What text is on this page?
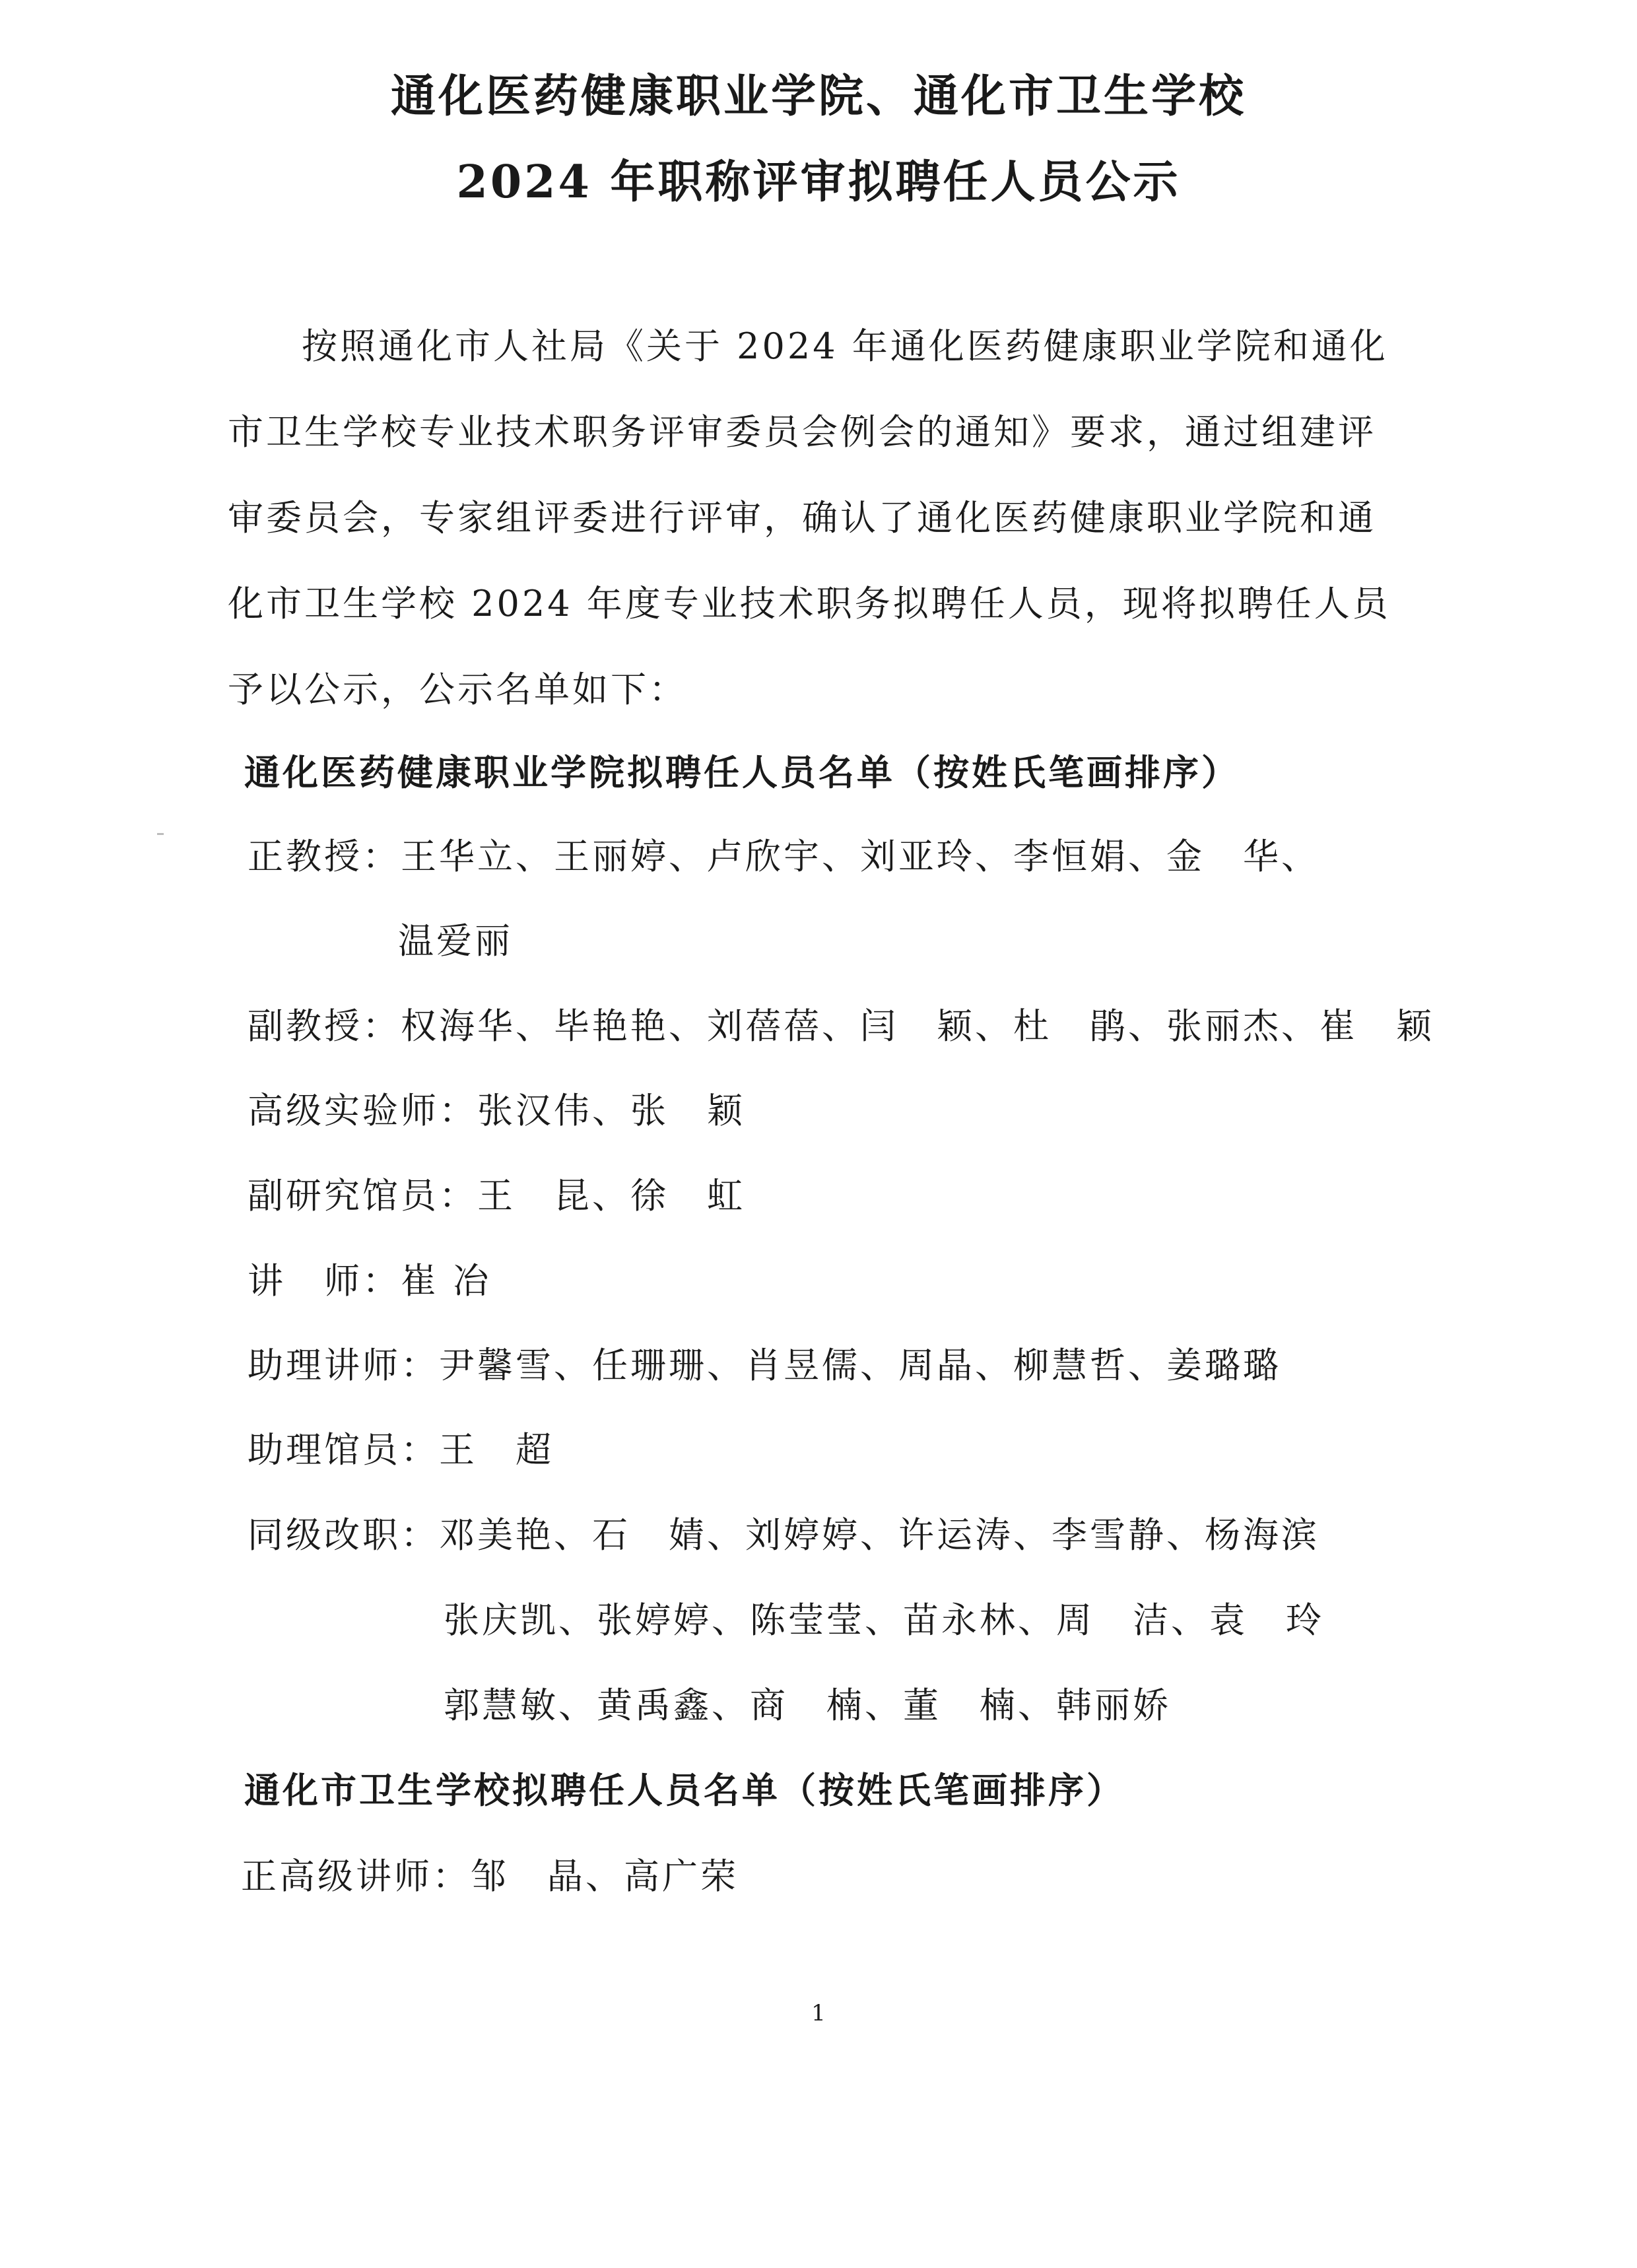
通化医药健康职业学院、通化市卫生学校
2024 年职称评审拟聘任人员公示
按照通化市人社局《关于 2024 年通化医药健康职业学院和通化
市卫生学校专业技术职务评审委员会例会的通知》要求，通过组建评
审委员会，专家组评委进行评审，确认了通化医药健康职业学院和通
化市卫生学校 2024 年度专业技术职务拟聘任人员，现将拟聘任人员
予以公示，公示名单如下：
通化医药健康职业学院拟聘任人员名单（按姓氏笔画排序）
正教授：王华立、王丽婷、卢欣宇、刘亚玲、李恒娟、金　华、
温爱丽
副教授：权海华、毕艳艳、刘蓓蓓、闫　颖、杜　鹃、张丽杰、崔　颖
高级实验师：张汉伟、张　颖
副研究馆员：王　昆、徐　虹
讲　师：崔 冶
助理讲师：尹馨雪、任珊珊、肖昱儒、周晶、柳慧哲、姜璐璐
助理馆员：王　超
同级改职：邓美艳、石　婧、刘婷婷、许运涛、李雪静、杨海滨
张庆凯、张婷婷、陈莹莹、苗永林、周　洁、袁　玲
郭慧敏、黄禹鑫、商　楠、董　楠、韩丽娇
通化市卫生学校拟聘任人员名单（按姓氏笔画排序）
正高级讲师：邹　晶、高广荣
1
